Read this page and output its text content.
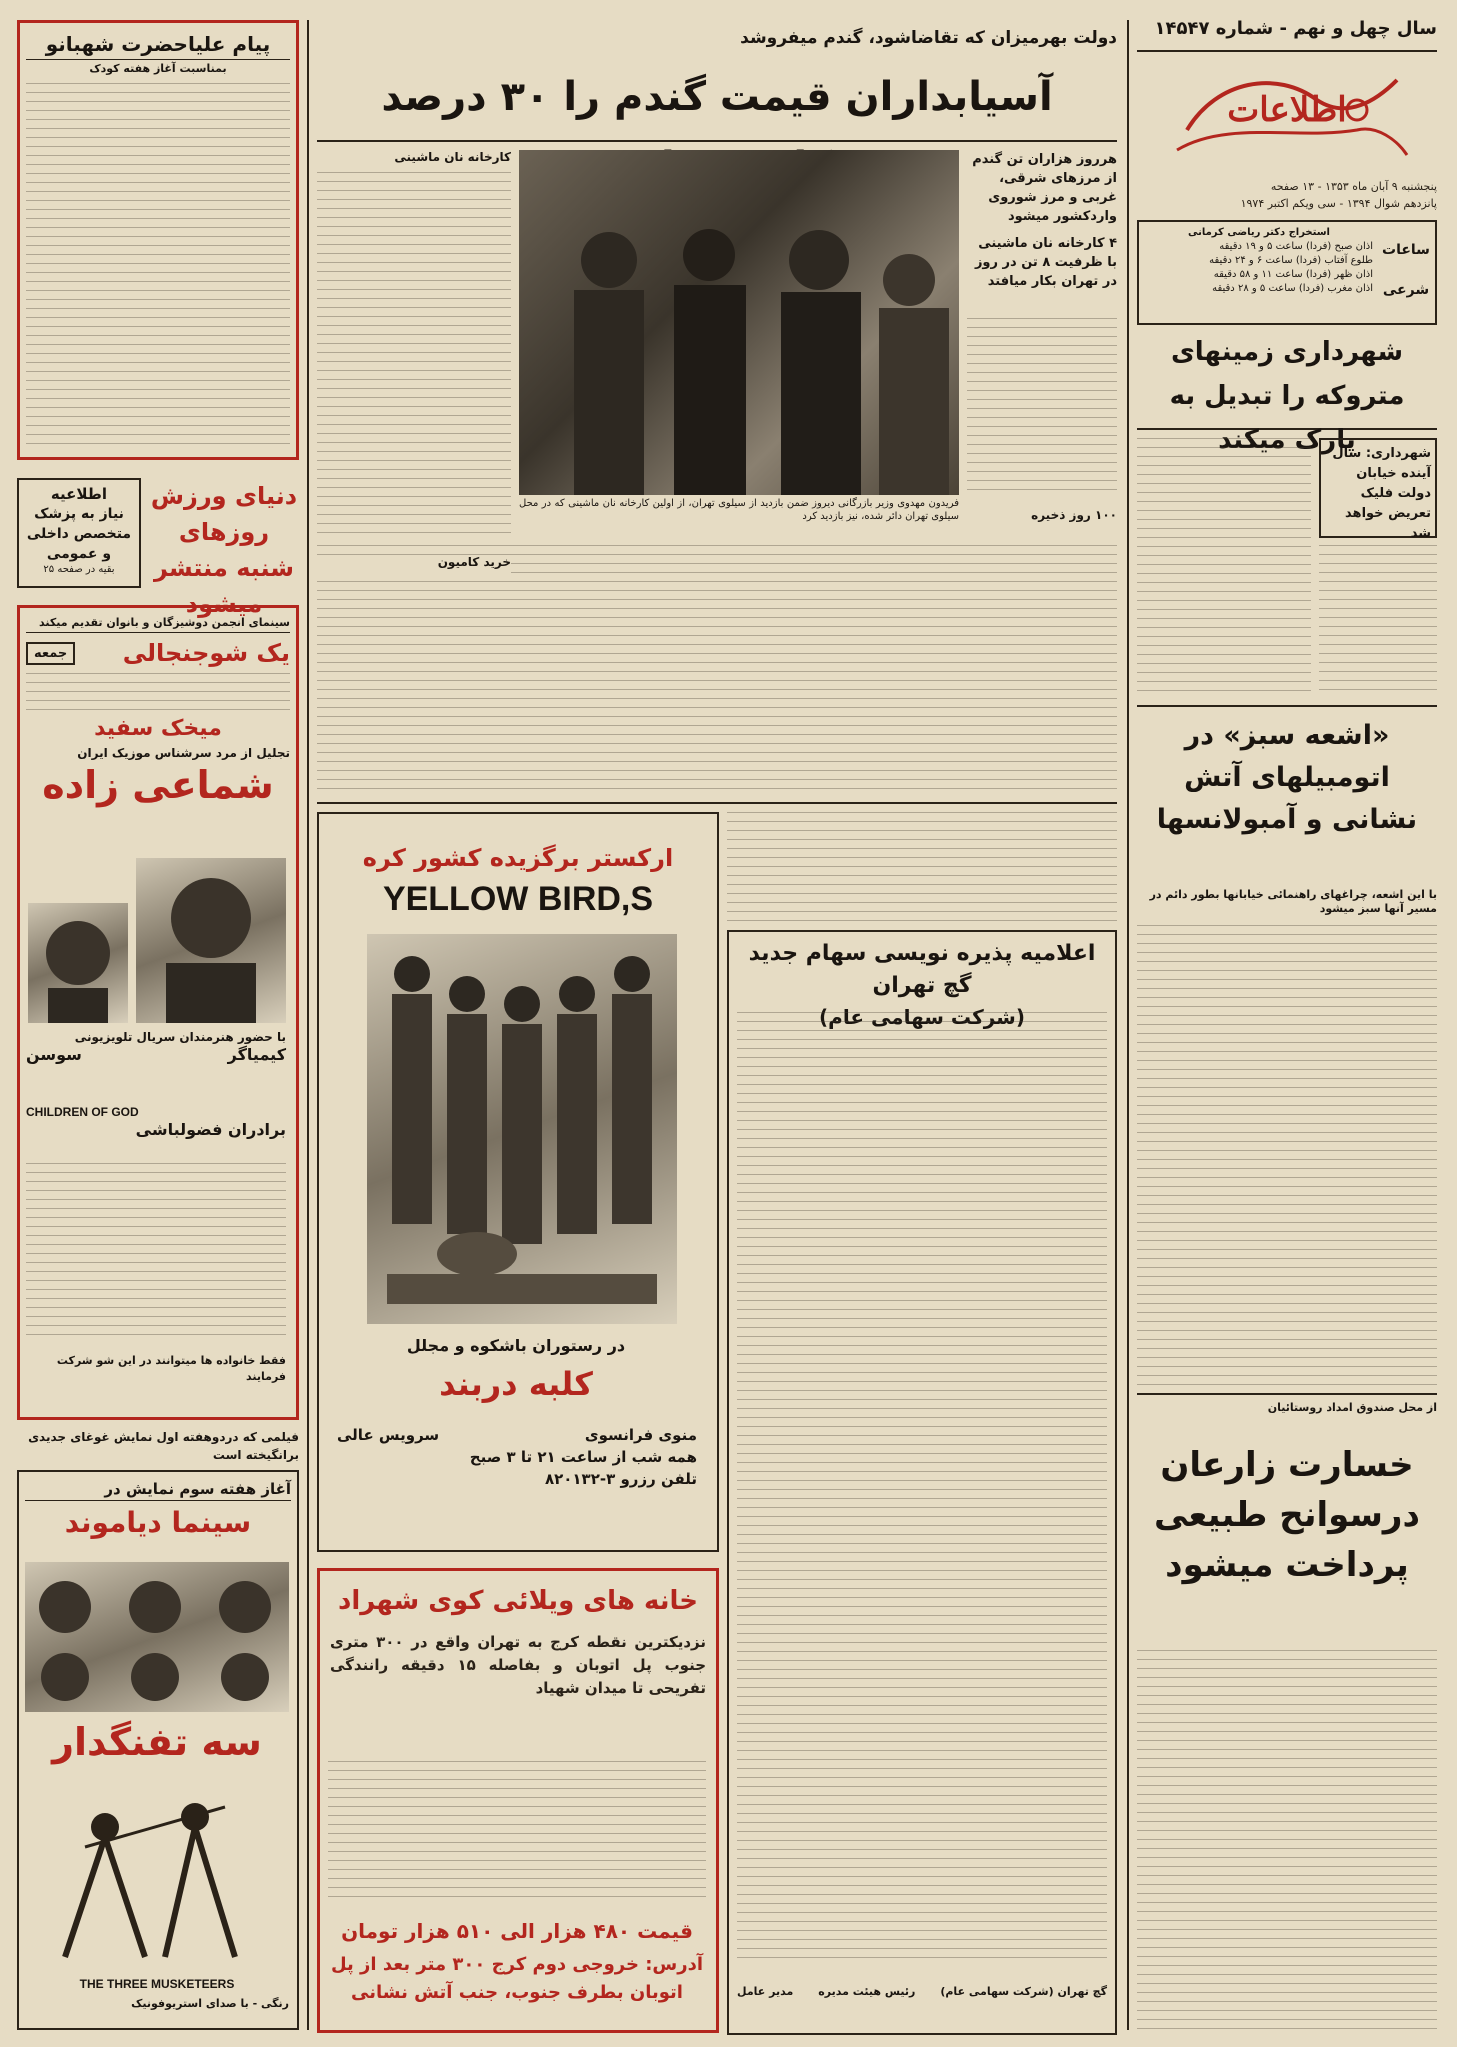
سال چهل و نهم - شماره ۱۴۵۴۷
اطلاعات
پنجشنبه ۹ آبان ماه ۱۳۵۳ - ۱۳ صفحه
پانزدهم شوال ۱۳۹۴ - سی ویکم اکتبر ۱۹۷۴
ساعات شرعی
استخراج دکتر ریاضی کرمانی
اذان صبح (فردا) ساعت ۵ و ۱۹ دقیقه
طلوع آفتاب (فردا) ساعت ۶ و ۲۴ دقیقه
اذان ظهر (فردا) ساعت ۱۱ و ۵۸ دقیقه
اذان مغرب (فردا) ساعت ۵ و ۲۸ دقیقه
شهرداری زمینهای متروکه را تبدیل به پارک میکند
شهرداری: سال آینده خیابان دولت فلیک تعریض خواهد شد
«اشعه سبز» در اتومبیلهای آتش نشانی و آمبولانسها
با این اشعه، چراغهای راهنمائی خیابانها بطور دائم در مسیر آنها سبز میشود
از محل صندوق امداد روستائیان
خسارت زارعان درسوانح طبیعی پرداخت میشود
دولت بهرمیزان که تقاضاشود، گندم میفروشد
آسیابداران قیمت گندم را ۳۰ درصد
هرروز هزاران تن گندم از مرزهای شرقی، غربی و مرز شوروی واردکشور میشود
۴ کارخانه نان ماشینی با ظرفیت ۸ تن در روز در تهران بکار میافتد
فریدون مهدوی وزیر بازرگانی دیروز ضمن بازدید از سیلوی تهران، از اولین کارخانه نان ماشینی که در محل سیلوی تهران دائر شده، نیز بازدید کرد
کارخانه نان ماشینی
۱۰۰ روز ذخیره
خرید کامیون
اعلامیه پذیره نویسی سهام جدید گچ تهران
(شرکت سهامی عام)
گچ تهران (شرکت سهامی عام)
رئیس هیئت مدیره
مدیر عامل
ارکستر برگزیده کشور کره
YELLOW BIRD,S
در رستوران باشکوه و مجلل
کلبه دربند
منوی فرانسوی
سرویس عالی
همه شب از ساعت ۲۱ تا ۳ صبح
تلفن رزرو ۳-۸۲۰۱۳۲
خانه های ویلائی کوی شهراد
نزدیکترین نقطه کرج به تهران واقع در ۳۰۰ متری جنوب پل اتوبان و بفاصله ۱۵ دقیقه رانندگی تفریحی تا میدان شهیاد
قیمت ۴۸۰ هزار الی ۵۱۰ هزار تومان
آدرس: خروجی دوم کرج ۳۰۰ متر بعد از پل اتوبان بطرف جنوب، جنب آتش نشانی
پیام علیاحضرت شهبانو
بمناسبت آغاز هفته کودک
دنیای ورزش روزهای شنبه منتشر میشود
اطلاعیه
نیاز به پزشک متخصص داخلی و عمومی
بقیه در صفحه ۲۵
سینمای انجمن دوشیزگان و بانوان تقدیم میکند
یک شوجنجالی
جمعه
میخک سفید
تجلیل از مرد سرشناس موزیک ایران
شماعی زاده
با حضور هنرمندان سریال تلویزیونی
کیمیاگر
سوسن
CHILDREN OF GOD
برادران فضولباشی
فقط خانواده ها میتوانند در این شو شرکت فرمایند
فیلمی که دردوهفته اول نمایش غوغای جدیدی برانگیخته است
آغاز هفته سوم نمایش در
سینما دیاموند
سه تفنگدار
THE THREE MUSKETEERS
رنگی - با صدای استریوفونیک
